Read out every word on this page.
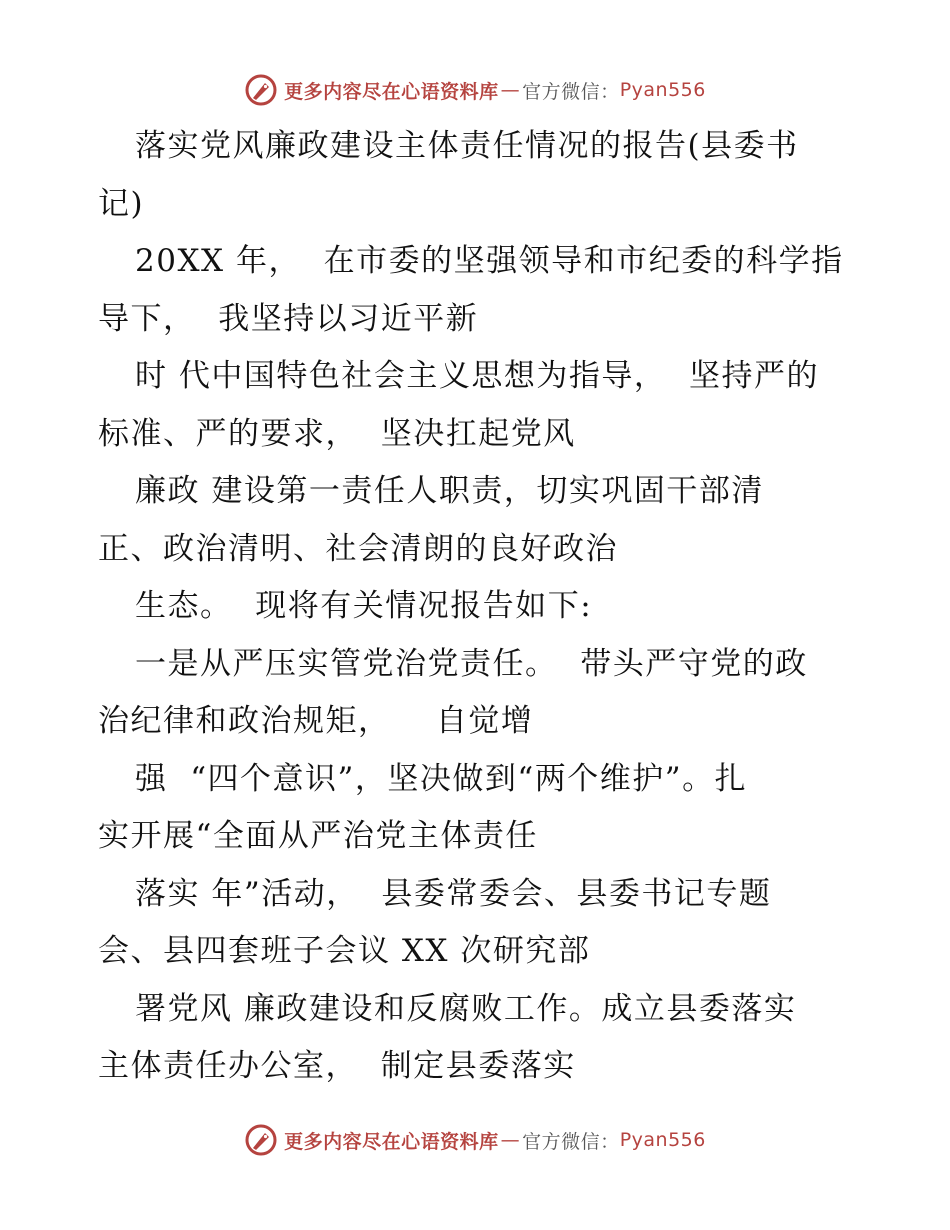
更多内容尽在心语资料库 — 官方微信： Pyan556
落实党风廉政建设主体责任情况的报告(县委书
记)
20XX 年，  在市委的坚强领导和市纪委的科学指
导下，  我坚持以习近平新
时 代中国特色社会主义思想为指导，  坚持严的
标准、严的要求，  坚决扛起党风
廉政 建设第一责任人职责，切实巩固干部清
正、政治清明、社会清朗的良好政治
生态。  现将有关情况报告如下:
一是从严压实管党治党责任。  带头严守党的政
治纪律和政治规矩，    自觉增
强  “四个意识”，坚决做到“两个维护”。扎
实开展“全面从严治党主体责任
落实 年”活动，  县委常委会、县委书记专题
会、县四套班子会议 XX 次研究部
署党风 廉政建设和反腐败工作。成立县委落实
主体责任办公室，  制定县委落实
更多内容尽在心语资料库 — 官方微信： Pyan556
